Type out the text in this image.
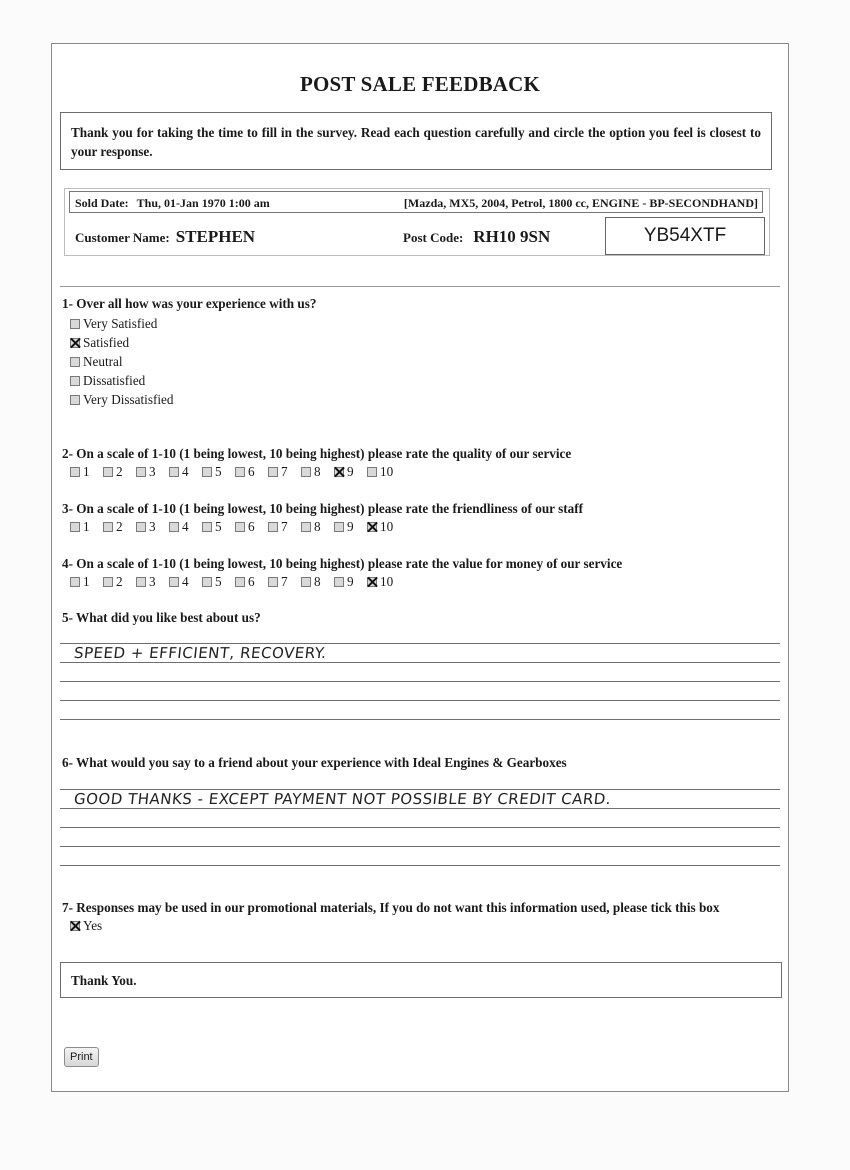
POST SALE FEEDBACK
Thank you for taking the time to fill in the survey. Read each question carefully and circle the option you feel is closest to your response.
Sold Date: Thu, 01-Jan 1970 1:00 am	[Mazda, MX5, 2004, Petrol, 1800 cc, ENGINE - BP-SECONDHAND]
Customer Name: STEPHEN	Post Code: RH10 9SN	YB54XTF
1- Over all how was your experience with us?
Very Satisfied
Satisfied
Neutral
Dissatisfied
Very Dissatisfied
2- On a scale of 1-10 (1 being lowest, 10 being highest) please rate the quality of our service
1 2 3 4 5 6 7 8 9 10
3- On a scale of 1-10 (1 being lowest, 10 being highest) please rate the friendliness of our staff
1 2 3 4 5 6 7 8 9 10
4- On a scale of 1-10 (1 being lowest, 10 being highest) please rate the value for money of our service
1 2 3 4 5 6 7 8 9 10
5- What did you like best about us?
SPEED + EFFICIENT, RECOVERY.
6- What would you say to a friend about your experience with Ideal Engines & Gearboxes
GOOD THANKS - EXCEPT PAYMENT NOT POSSIBLE BY CREDIT CARD.
7- Responses may be used in our promotional materials, If you do not want this information used, please tick this box
Yes
Thank You.
Print
